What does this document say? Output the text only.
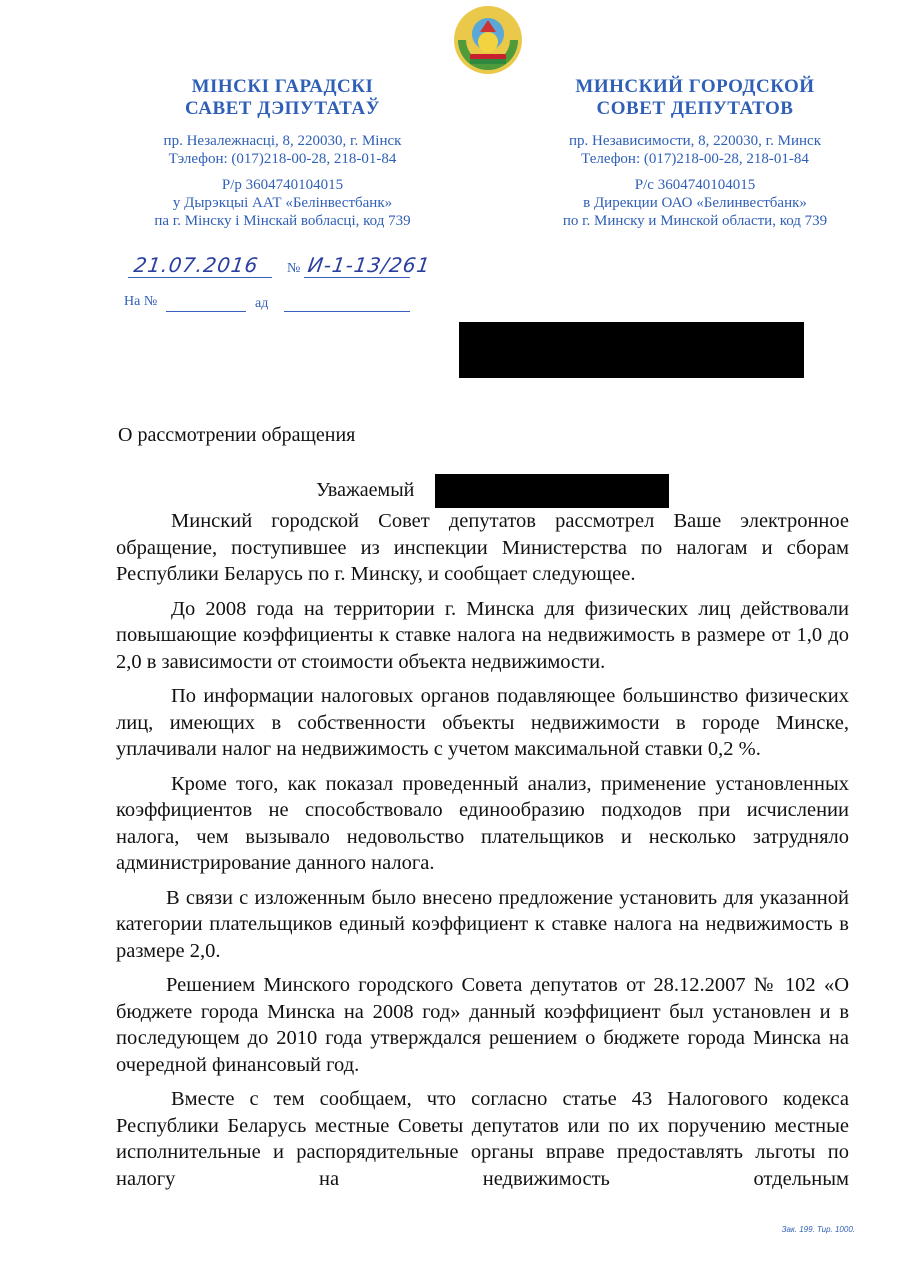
МІНСКІ ГАРАДСКІ
САВЕТ ДЭПУТАТАЎ
пр. Незалежнасці, 8, 220030, г. Мінск
Тэлефон: (017)218-00-28, 218-01-84
Р/р 3604740104015
у Дырэкцыі ААТ «Белінвестбанк»
па г. Мінску і Мінскай вобласці, код 739
МИНСКИЙ ГОРОДСКОЙ
СОВЕТ ДЕПУТАТОВ
пр. Независимости, 8, 220030, г. Минск
Телефон: (017)218-00-28, 218-01-84
Р/с 3604740104015
в Дирекции ОАО «Белинвестбанк»
по г. Минску и Минской области, код 739
21.07.2016 № И-1-13/261
На №	ад
О рассмотрении обращения
Уважаемый

Минский городской Совет депутатов рассмотрел Ваше электронное обращение, поступившее из инспекции Министерства по налогам и сборам Республики Беларусь по г. Минску, и сообщает следующее.

До 2008 года на территории г. Минска для физических лиц действовали повышающие коэффициенты к ставке налога на недвижимость в размере от 1,0 до 2,0 в зависимости от стоимости объекта недвижимости.

По информации налоговых органов подавляющее большинство физических лиц, имеющих в собственности объекты недвижимости в городе Минске, уплачивали налог на недвижимость с учетом максимальной ставки 0,2 %.

Кроме того, как показал проведенный анализ, применение установленных коэффициентов не способствовало единообразию подходов при исчислении налога, чем вызывало недовольство плательщиков и несколько затрудняло администрирование данного налога.

В связи с изложенным было внесено предложение установить для указанной категории плательщиков единый коэффициент к ставке налога на недвижимость в размере 2,0.

Решением Минского городского Совета депутатов от 28.12.2007 № 102 «О бюджете города Минска на 2008 год» данный коэффициент был установлен и в последующем до 2010 года утверждался решением о бюджете города Минска на очередной финансовый год.

Вместе с тем сообщаем, что согласно статье 43 Налогового кодекса Республики Беларусь местные Советы депутатов или по их поручению местные исполнительные и распорядительные органы вправе предоставлять льготы по налогу на недвижимость отдельным

Зак. 199. Тир. 1000.
